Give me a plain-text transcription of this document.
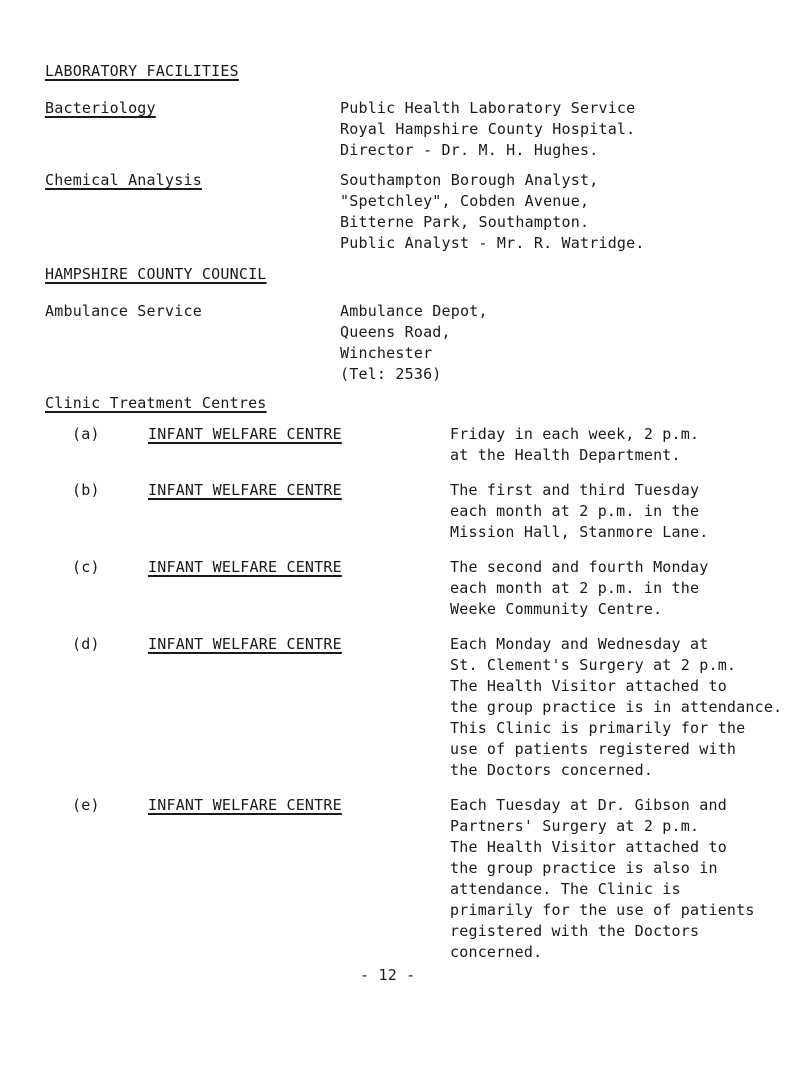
LABORATORY FACILITIES
Bacteriology	Public Health Laboratory Service
Royal Hampshire County Hospital.
Director - Dr. M. H. Hughes.
Chemical Analysis	Southampton Borough Analyst,
"Spetchley", Cobden Avenue,
Bitterne Park, Southampton.
Public Analyst - Mr. R. Watridge.
HAMPSHIRE COUNTY COUNCIL
Ambulance Service	Ambulance Depot,
Queens Road,
Winchester
(Tel: 2536)
Clinic Treatment Centres
(a)	INFANT WELFARE CENTRE	Friday in each week, 2 p.m.
at the Health Department.
(b)	INFANT WELFARE CENTRE	The first and third Tuesday
each month at 2 p.m. in the
Mission Hall, Stanmore Lane.
(c)	INFANT WELFARE CENTRE	The second and fourth Monday
each month at 2 p.m. in the
Weeke Community Centre.
(d)	INFANT WELFARE CENTRE	Each Monday and Wednesday at
St. Clement's Surgery at 2 p.m.
The Health Visitor attached to
the group practice is in attendance.
This Clinic is primarily for the
use of patients registered with
the Doctors concerned.
(e)	INFANT WELFARE CENTRE	Each Tuesday at Dr. Gibson and
Partners' Surgery at 2 p.m.
The Health Visitor attached to
the group practice is also in
attendance. The Clinic is
primarily for the use of patients
registered with the Doctors
concerned.
- 12 -
